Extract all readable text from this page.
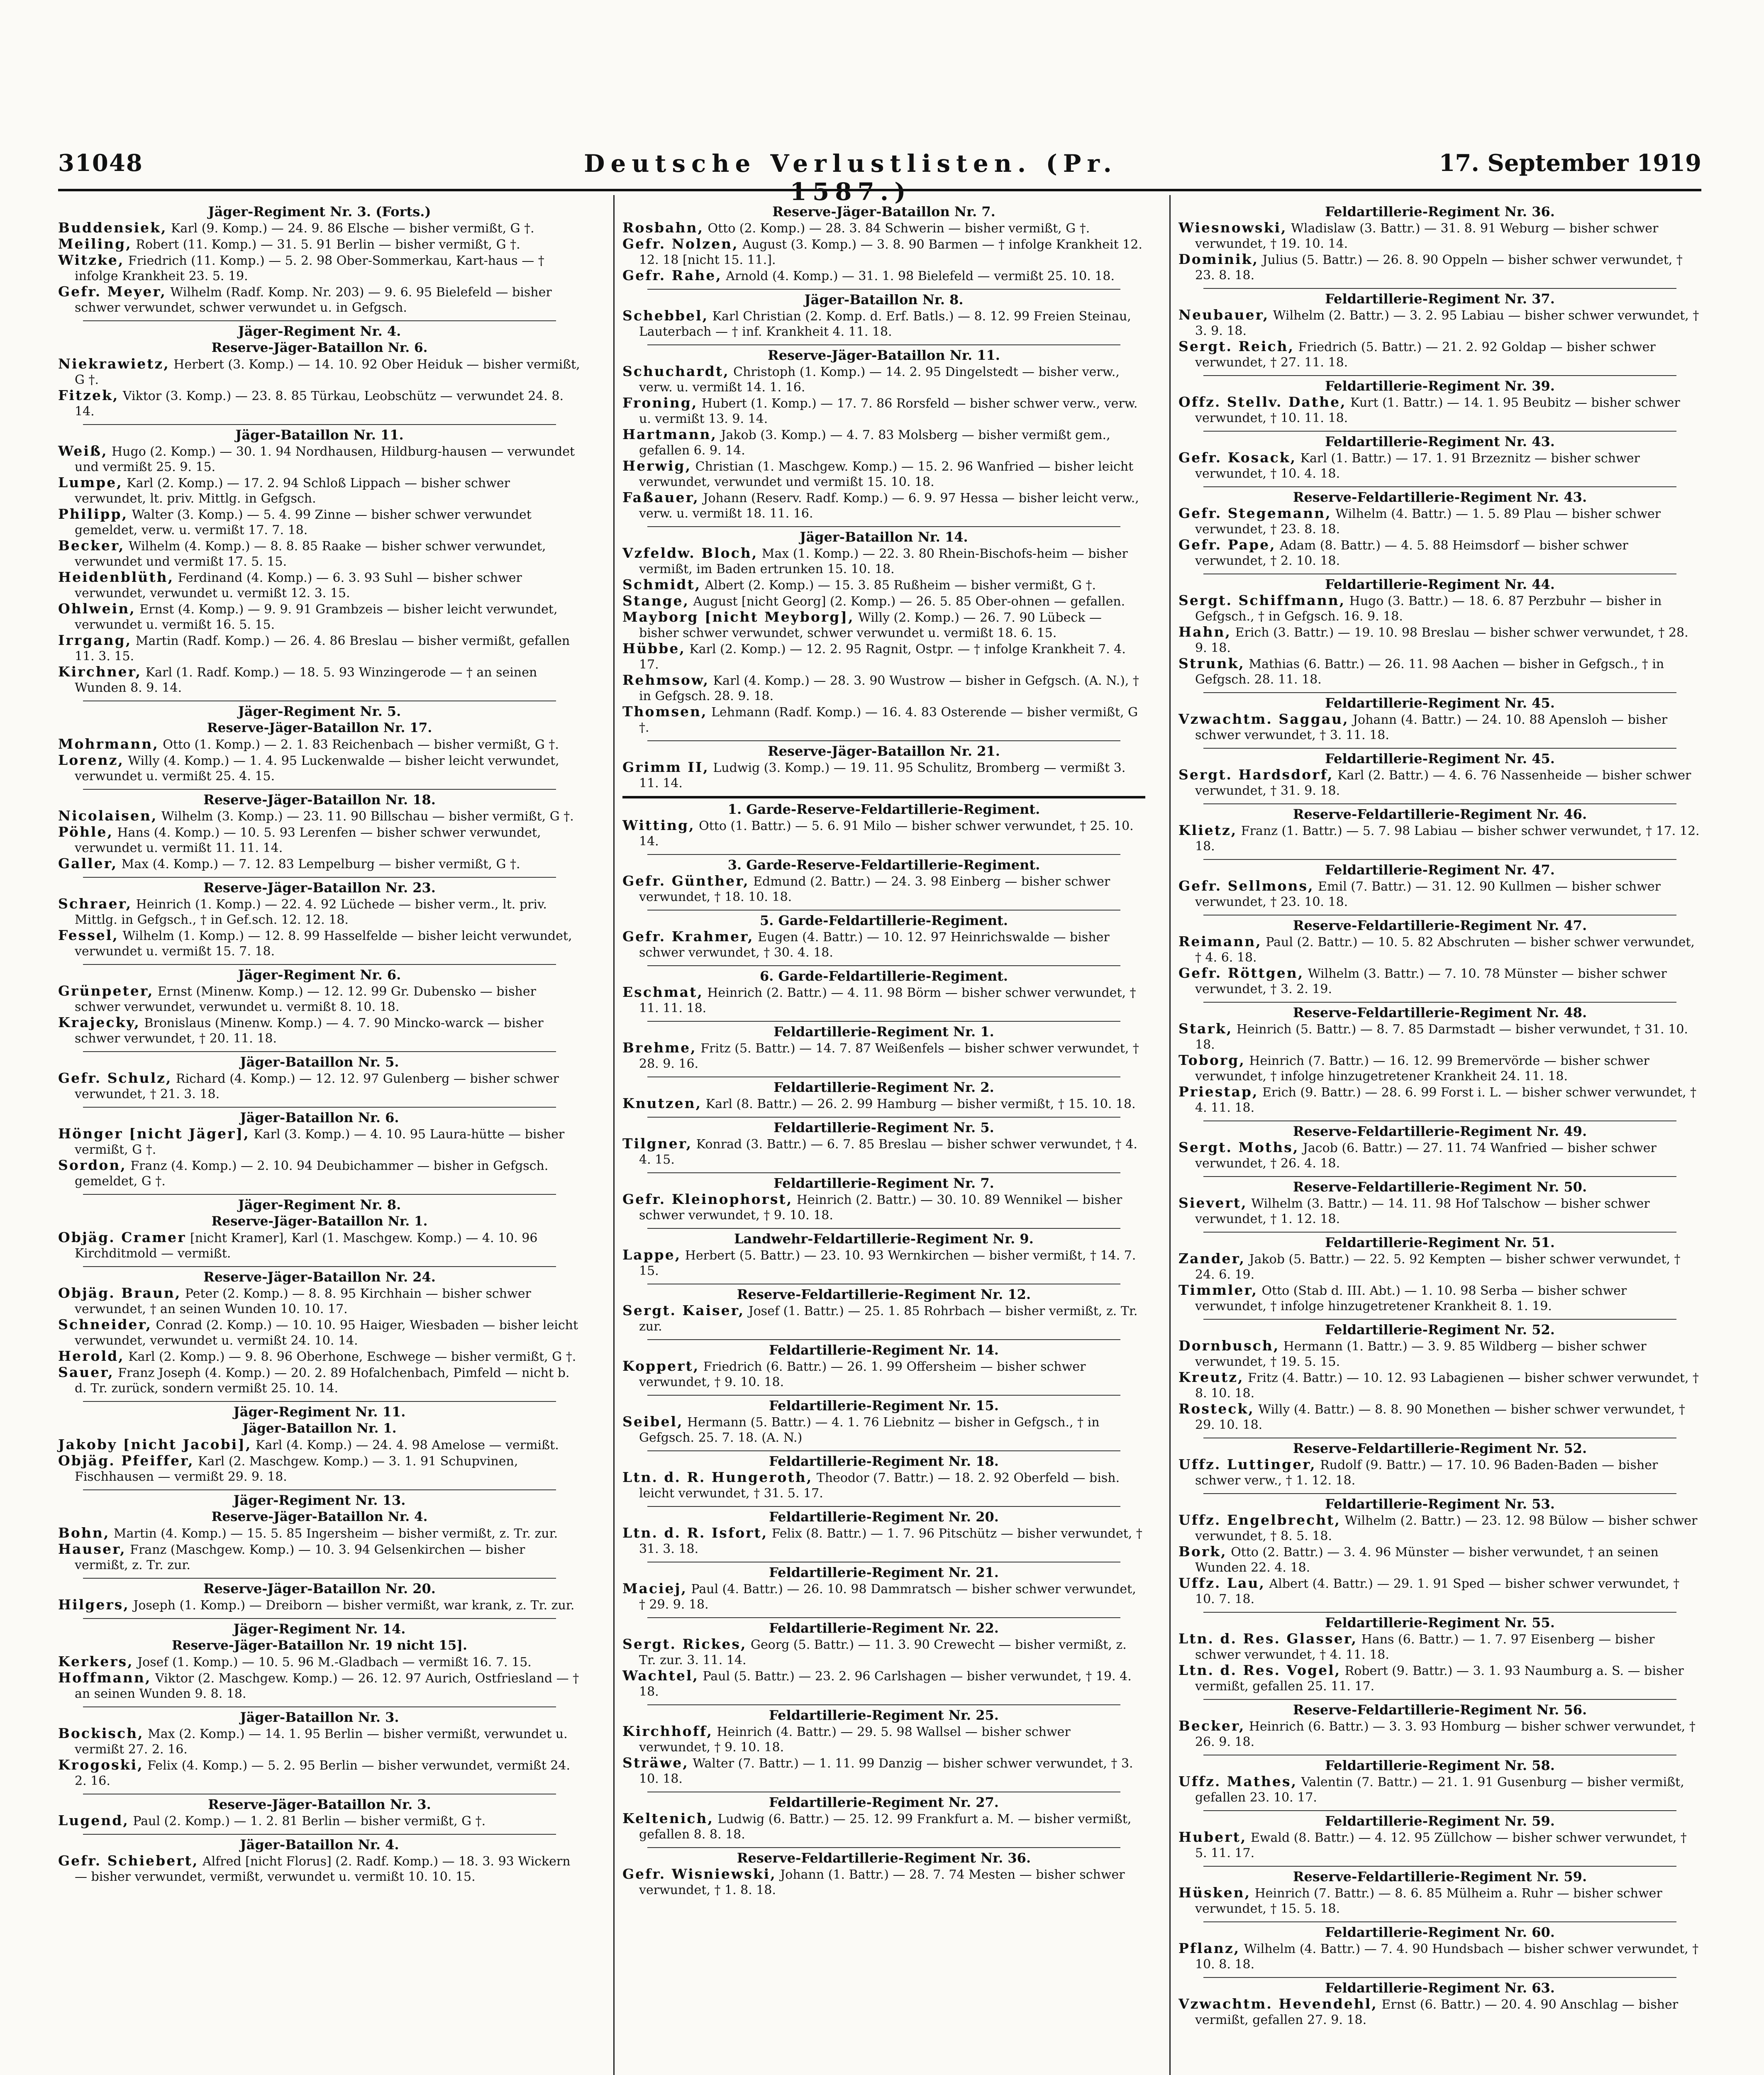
31048	Deutsche Verlustlisten. (Pr. 1587.)
17. September 1919
Jäger-Regiment Nr. 3. (Forts.)
Buddensiek, Karl (9. Komp.) — 24. 9. 86 Elsche — bisher vermißt, G †.
Meiling, Robert (11. Komp.) — 31. 5. 91 Berlin — bisher vermißt, G †.
Witzke, Friedrich (11. Komp.) — 5. 2. 98 Ober-Sommerkau, Kart-haus — † infolge Krankheit 23. 5. 19.
Gefr. Meyer, Wilhelm (Radf. Komp. Nr. 203) — 9. 6. 95 Bielefeld — bisher schwer verwundet, schwer verwundet u. in Gefgsch.
Jäger-Regiment Nr. 4.
Reserve-Jäger-Bataillon Nr. 6.
Niekrawietz, Herbert (3. Komp.) — 14. 10. 92 Ober Heiduk — bisher vermißt, G †.
Fitzek, Viktor (3. Komp.) — 23. 8. 85 Türkau, Leobschütz — verwundet 24. 8. 14.
Jäger-Bataillon Nr. 11.
Weiß, Hugo (2. Komp.) — 30. 1. 94 Nordhausen, Hildburg-hausen — verwundet und vermißt 25. 9. 15.
Lumpe, Karl (2. Komp.) — 17. 2. 94 Schloß Lippach — bisher schwer verwundet, lt. priv. Mittlg. in Gefgsch.
Philipp, Walter (3. Komp.) — 5. 4. 99 Zinne — bisher schwer verwundet gemeldet, verw. u. vermißt 17. 7. 18.
Becker, Wilhelm (4. Komp.) — 8. 8. 85 Raake — bisher schwer verwundet, verwundet und vermißt 17. 5. 15.
Heidenblüth, Ferdinand (4. Komp.) — 6. 3. 93 Suhl — bisher schwer verwundet, verwundet u. vermißt 12. 3. 15.
Ohlwein, Ernst (4. Komp.) — 9. 9. 91 Grambzeis — bisher leicht verwundet, verwundet u. vermißt 16. 5. 15.
Irrgang, Martin (Radf. Komp.) — 26. 4. 86 Breslau — bisher vermißt, gefallen 11. 3. 15.
Kirchner, Karl (1. Radf. Komp.) — 18. 5. 93 Winzingerode — † an seinen Wunden 8. 9. 14.
Jäger-Regiment Nr. 5.
Reserve-Jäger-Bataillon Nr. 17.
Mohrmann, Otto (1. Komp.) — 2. 1. 83 Reichenbach — bisher vermißt, G †.
Lorenz, Willy (4. Komp.) — 1. 4. 95 Luckenwalde — bisher leicht verwundet, verwundet u. vermißt 25. 4. 15.
Reserve-Jäger-Bataillon Nr. 18.
Nicolaisen, Wilhelm (3. Komp.) — 23. 11. 90 Billschau — bisher vermißt, G †.
Pöhle, Hans (4. Komp.) — 10. 5. 93 Lerenfen — bisher schwer verwundet, verwundet u. vermißt 11. 11. 14.
Galler, Max (4. Komp.) — 7. 12. 83 Lempelburg — bisher vermißt, G †.
Reserve-Jäger-Bataillon Nr. 23.
Schraer, Heinrich (1. Komp.) — 22. 4. 92 Lüchede — bisher verm., lt. priv. Mittlg. in Gefgsch., † in Gef.sch. 12. 12. 18.
Fessel, Wilhelm (1. Komp.) — 12. 8. 99 Hasselfelde — bisher leicht verwundet, verwundet u. vermißt 15. 7. 18.
Jäger-Regiment Nr. 6.
Grünpeter, Ernst (Minenw. Komp.) — 12. 12. 99 Gr. Dubensko — bisher schwer verwundet, verwundet u. vermißt 8. 10. 18.
Krajecky, Bronislaus (Minenw. Komp.) — 4. 7. 90 Mincko-warck — bisher schwer verwundet, † 20. 11. 18.
Jäger-Bataillon Nr. 5.
Gefr. Schulz, Richard (4. Komp.) — 12. 12. 97 Gulenberg — bisher schwer verwundet, † 21. 3. 18.
Jäger-Bataillon Nr. 6.
Hönger [nicht Jäger], Karl (3. Komp.) — 4. 10. 95 Laura-hütte — bisher vermißt, G †.
Sordon, Franz (4. Komp.) — 2. 10. 94 Deubichammer — bisher in Gefgsch. gemeldet, G †.
Jäger-Regiment Nr. 8.
Reserve-Jäger-Bataillon Nr. 1.
Objäg. Cramer [nicht Kramer], Karl (1. Maschgew. Komp.) — 4. 10. 96 Kirchditmold — vermißt.
Reserve-Jäger-Bataillon Nr. 24.
Objäg. Braun, Peter (2. Komp.) — 8. 8. 95 Kirchhain — bisher schwer verwundet, † an seinen Wunden 10. 10. 17.
Schneider, Conrad (2. Komp.) — 10. 10. 95 Haiger, Wiesbaden — bisher leicht verwundet, verwundet u. vermißt 24. 10. 14.
Herold, Karl (2. Komp.) — 9. 8. 96 Oberhone, Eschwege — bisher vermißt, G †.
Sauer, Franz Joseph (4. Komp.) — 20. 2. 89 Hofalchenbach, Pimfeld — nicht b. d. Tr. zurück, sondern vermißt 25. 10. 14.
Jäger-Regiment Nr. 11.
Jäger-Bataillon Nr. 1.
Jakoby [nicht Jacobi], Karl (4. Komp.) — 24. 4. 98 Amelose — vermißt.
Objäg. Pfeiffer, Karl (2. Maschgew. Komp.) — 3. 1. 91 Schupvinen, Fischhausen — vermißt 29. 9. 18.
Jäger-Regiment Nr. 13.
Reserve-Jäger-Bataillon Nr. 4.
Bohn, Martin (4. Komp.) — 15. 5. 85 Ingersheim — bisher vermißt, z. Tr. zur.
Hauser, Franz (Maschgew. Komp.) — 10. 3. 94 Gelsenkirchen — bisher vermißt, z. Tr. zur.
Reserve-Jäger-Bataillon Nr. 20.
Hilgers, Joseph (1. Komp.) — Dreiborn — bisher vermißt, war krank, z. Tr. zur.
Jäger-Regiment Nr. 14.
Reserve-Jäger-Bataillon Nr. 19 nicht 15].
Kerkers, Josef (1. Komp.) — 10. 5. 96 M.-Gladbach — vermißt 16. 7. 15.
Hoffmann, Viktor (2. Maschgew. Komp.) — 26. 12. 97 Aurich, Ostfriesland — † an seinen Wunden 9. 8. 18.
Jäger-Bataillon Nr. 3.
Bockisch, Max (2. Komp.) — 14. 1. 95 Berlin — bisher vermißt, verwundet u. vermißt 27. 2. 16.
Krogoski, Felix (4. Komp.) — 5. 2. 95 Berlin — bisher verwundet, vermißt 24. 2. 16.
Reserve-Jäger-Bataillon Nr. 3.
Lugend, Paul (2. Komp.) — 1. 2. 81 Berlin — bisher vermißt, G †.
Jäger-Bataillon Nr. 4.
Gefr. Schiebert, Alfred [nicht Florus] (2. Radf. Komp.) — 18. 3. 93 Wickern — bisher verwundet, vermißt, verwundet u. vermißt 10. 10. 15.
Reserve-Jäger-Bataillon Nr. 7.
Rosbahn, Otto (2. Komp.) — 28. 3. 84 Schwerin — bisher vermißt, G †.
Gefr. Nolzen, August (3. Komp.) — 3. 8. 90 Barmen — † infolge Krankheit 12. 12. 18 [nicht 15. 11.].
Gefr. Rahe, Arnold (4. Komp.) — 31. 1. 98 Bielefeld — vermißt 25. 10. 18.
Jäger-Bataillon Nr. 8.
Schebbel, Karl Christian (2. Komp. d. Erf. Batls.) — 8. 12. 99 Freien Steinau, Lauterbach — † inf. Krankheit 4. 11. 18.
Reserve-Jäger-Bataillon Nr. 11.
Schuchardt, Christoph (1. Komp.) — 14. 2. 95 Dingelstedt — bisher verw., verw. u. vermißt 14. 1. 16.
Froning, Hubert (1. Komp.) — 17. 7. 86 Rorsfeld — bisher schwer verw., verw. u. vermißt 13. 9. 14.
Hartmann, Jakob (3. Komp.) — 4. 7. 83 Molsberg — bisher vermißt gem., gefallen 6. 9. 14.
Herwig, Christian (1. Maschgew. Komp.) — 15. 2. 96 Wanfried — bisher leicht verwundet, verwundet und vermißt 15. 10. 18.
Faßauer, Johann (Reserv. Radf. Komp.) — 6. 9. 97 Hessa — bisher leicht verw., verw. u. vermißt 18. 11. 16.
Jäger-Bataillon Nr. 14.
Vzfeldw. Bloch, Max (1. Komp.) — 22. 3. 80 Rhein-Bischofs-heim — bisher vermißt, im Baden ertrunken 15. 10. 18.
Schmidt, Albert (2. Komp.) — 15. 3. 85 Rußheim — bisher vermißt, G †.
Stange, August [nicht Georg] (2. Komp.) — 26. 5. 85 Ober-ohnen — gefallen.
Mayborg [nicht Meyborg], Willy (2. Komp.) — 26. 7. 90 Lübeck — bisher schwer verwundet, schwer verwundet u. vermißt 18. 6. 15.
Hübbe, Karl (2. Komp.) — 12. 2. 95 Ragnit, Ostpr. — † infolge Krankheit 7. 4. 17.
Rehmsow, Karl (4. Komp.) — 28. 3. 90 Wustrow — bisher in Gefgsch. (A. N.), † in Gefgsch. 28. 9. 18.
Thomsen, Lehmann (Radf. Komp.) — 16. 4. 83 Osterende — bisher vermißt, G †.
Reserve-Jäger-Bataillon Nr. 21.
Grimm II, Ludwig (3. Komp.) — 19. 11. 95 Schulitz, Bromberg — vermißt 3. 11. 14.
1. Garde-Reserve-Feldartillerie-Regiment.
Witting, Otto (1. Battr.) — 5. 6. 91 Milo — bisher schwer verwundet, † 25. 10. 14.
3. Garde-Reserve-Feldartillerie-Regiment.
Gefr. Günther, Edmund (2. Battr.) — 24. 3. 98 Einberg — bisher schwer verwundet, † 18. 10. 18.
5. Garde-Feldartillerie-Regiment.
Gefr. Krahmer, Eugen (4. Battr.) — 10. 12. 97 Heinrichswalde — bisher schwer verwundet, † 30. 4. 18.
6. Garde-Feldartillerie-Regiment.
Eschmat, Heinrich (2. Battr.) — 4. 11. 98 Börm — bisher schwer verwundet, † 11. 11. 18.
Feldartillerie-Regiment Nr. 1.
Brehme, Fritz (5. Battr.) — 14. 7. 87 Weißenfels — bisher schwer verwundet, † 28. 9. 16.
Feldartillerie-Regiment Nr. 2.
Knutzen, Karl (8. Battr.) — 26. 2. 99 Hamburg — bisher vermißt, † 15. 10. 18.
Feldartillerie-Regiment Nr. 5.
Tilgner, Konrad (3. Battr.) — 6. 7. 85 Breslau — bisher schwer verwundet, † 4. 4. 15.
Feldartillerie-Regiment Nr. 7.
Gefr. Kleinophorst, Heinrich (2. Battr.) — 30. 10. 89 Wennikel — bisher schwer verwundet, † 9. 10. 18.
Landwehr-Feldartillerie-Regiment Nr. 9.
Lappe, Herbert (5. Battr.) — 23. 10. 93 Wernkirchen — bisher vermißt, † 14. 7. 15.
Reserve-Feldartillerie-Regiment Nr. 12.
Sergt. Kaiser, Josef (1. Battr.) — 25. 1. 85 Rohrbach — bisher vermißt, z. Tr. zur.
Feldartillerie-Regiment Nr. 14.
Koppert, Friedrich (6. Battr.) — 26. 1. 99 Offersheim — bisher schwer verwundet, † 9. 10. 18.
Feldartillerie-Regiment Nr. 15.
Seibel, Hermann (5. Battr.) — 4. 1. 76 Liebnitz — bisher in Gefgsch., † in Gefgsch. 25. 7. 18. (A. N.)
Feldartillerie-Regiment Nr. 18.
Ltn. d. R. Hungeroth, Theodor (7. Battr.) — 18. 2. 92 Oberfeld — bish. leicht verwundet, † 31. 5. 17.
Feldartillerie-Regiment Nr. 20.
Ltn. d. R. Isfort, Felix (8. Battr.) — 1. 7. 96 Pitschütz — bisher verwundet, † 31. 3. 18.
Feldartillerie-Regiment Nr. 21.
Maciej, Paul (4. Battr.) — 26. 10. 98 Dammratsch — bisher schwer verwundet, † 29. 9. 18.
Feldartillerie-Regiment Nr. 22.
Sergt. Rickes, Georg (5. Battr.) — 11. 3. 90 Crewecht — bisher vermißt, z. Tr. zur. 3. 11. 14.
Wachtel, Paul (5. Battr.) — 23. 2. 96 Carlshagen — bisher verwundet, † 19. 4. 18.
Feldartillerie-Regiment Nr. 25.
Kirchhoff, Heinrich (4. Battr.) — 29. 5. 98 Wallsel — bisher schwer verwundet, † 9. 10. 18.
Sträwe, Walter (7. Battr.) — 1. 11. 99 Danzig — bisher schwer verwundet, † 3. 10. 18.
Feldartillerie-Regiment Nr. 27.
Keltenich, Ludwig (6. Battr.) — 25. 12. 99 Frankfurt a. M. — bisher vermißt, gefallen 8. 8. 18.
Reserve-Feldartillerie-Regiment Nr. 36.
Gefr. Wisniewski, Johann (1. Battr.) — 28. 7. 74 Mesten — bisher schwer verwundet, † 1. 8. 18.
Feldartillerie-Regiment Nr. 36.
Wiesnowski, Wladislaw (3. Battr.) — 31. 8. 91 Weburg — bisher schwer verwundet, † 19. 10. 14.
Dominik, Julius (5. Battr.) — 26. 8. 90 Oppeln — bisher schwer verwundet, † 23. 8. 18.
Feldartillerie-Regiment Nr. 37.
Neubauer, Wilhelm (2. Battr.) — 3. 2. 95 Labiau — bisher schwer verwundet, † 3. 9. 18.
Sergt. Reich, Friedrich (5. Battr.) — 21. 2. 92 Goldap — bisher schwer verwundet, † 27. 11. 18.
Feldartillerie-Regiment Nr. 39.
Offz. Stellv. Dathe, Kurt (1. Battr.) — 14. 1. 95 Beubitz — bisher schwer verwundet, † 10. 11. 18.
Feldartillerie-Regiment Nr. 43.
Gefr. Kosack, Karl (1. Battr.) — 17. 1. 91 Brzeznitz — bisher schwer verwundet, † 10. 4. 18.
Reserve-Feldartillerie-Regiment Nr. 43.
Gefr. Stegemann, Wilhelm (4. Battr.) — 1. 5. 89 Plau — bisher schwer verwundet, † 23. 8. 18.
Gefr. Pape, Adam (8. Battr.) — 4. 5. 88 Heimsdorf — bisher schwer verwundet, † 2. 10. 18.
Feldartillerie-Regiment Nr. 44.
Sergt. Schiffmann, Hugo (3. Battr.) — 18. 6. 87 Perzbuhr — bisher in Gefgsch., † in Gefgsch. 16. 9. 18.
Hahn, Erich (3. Battr.) — 19. 10. 98 Breslau — bisher schwer verwundet, † 28. 9. 18.
Strunk, Mathias (6. Battr.) — 26. 11. 98 Aachen — bisher in Gefgsch., † in Gefgsch. 28. 11. 18.
Feldartillerie-Regiment Nr. 45.
Vzwachtm. Saggau, Johann (4. Battr.) — 24. 10. 88 Apensloh — bisher schwer verwundet, † 3. 11. 18.
Feldartillerie-Regiment Nr. 45.
Sergt. Hardsdorf, Karl (2. Battr.) — 4. 6. 76 Nassenheide — bisher schwer verwundet, † 31. 9. 18.
Reserve-Feldartillerie-Regiment Nr. 46.
Klietz, Franz (1. Battr.) — 5. 7. 98 Labiau — bisher schwer verwundet, † 17. 12. 18.
Feldartillerie-Regiment Nr. 47.
Gefr. Sellmons, Emil (7. Battr.) — 31. 12. 90 Kullmen — bisher schwer verwundet, † 23. 10. 18.
Reserve-Feldartillerie-Regiment Nr. 47.
Reimann, Paul (2. Battr.) — 10. 5. 82 Abschruten — bisher schwer verwundet, † 4. 6. 18.
Gefr. Röttgen, Wilhelm (3. Battr.) — 7. 10. 78 Münster — bisher schwer verwundet, † 3. 2. 19.
Reserve-Feldartillerie-Regiment Nr. 48.
Stark, Heinrich (5. Battr.) — 8. 7. 85 Darmstadt — bisher verwundet, † 31. 10. 18.
Toborg, Heinrich (7. Battr.) — 16. 12. 99 Bremervörde — bisher schwer verwundet, † infolge hinzugetretener Krankheit 24. 11. 18.
Priestap, Erich (9. Battr.) — 28. 6. 99 Forst i. L. — bisher schwer verwundet, † 4. 11. 18.
Reserve-Feldartillerie-Regiment Nr. 49.
Sergt. Moths, Jacob (6. Battr.) — 27. 11. 74 Wanfried — bisher schwer verwundet, † 26. 4. 18.
Reserve-Feldartillerie-Regiment Nr. 50.
Sievert, Wilhelm (3. Battr.) — 14. 11. 98 Hof Talschow — bisher schwer verwundet, † 1. 12. 18.
Feldartillerie-Regiment Nr. 51.
Zander, Jakob (5. Battr.) — 22. 5. 92 Kempten — bisher schwer verwundet, † 24. 6. 19.
Timmler, Otto (Stab d. III. Abt.) — 1. 10. 98 Serba — bisher schwer verwundet, † infolge hinzugetretener Krankheit 8. 1. 19.
Feldartillerie-Regiment Nr. 52.
Dornbusch, Hermann (1. Battr.) — 3. 9. 85 Wildberg — bisher schwer verwundet, † 19. 5. 15.
Kreutz, Fritz (4. Battr.) — 10. 12. 93 Labagienen — bisher schwer verwundet, † 8. 10. 18.
Rosteck, Willy (4. Battr.) — 8. 8. 90 Monethen — bisher schwer verwundet, † 29. 10. 18.
Reserve-Feldartillerie-Regiment Nr. 52.
Uffz. Luttinger, Rudolf (9. Battr.) — 17. 10. 96 Baden-Baden — bisher schwer verw., † 1. 12. 18.
Feldartillerie-Regiment Nr. 53.
Uffz. Engelbrecht, Wilhelm (2. Battr.) — 23. 12. 98 Bülow — bisher schwer verwundet, † 8. 5. 18.
Bork, Otto (2. Battr.) — 3. 4. 96 Münster — bisher verwundet, † an seinen Wunden 22. 4. 18.
Uffz. Lau, Albert (4. Battr.) — 29. 1. 91 Sped — bisher schwer verwundet, † 10. 7. 18.
Feldartillerie-Regiment Nr. 55.
Ltn. d. Res. Glasser, Hans (6. Battr.) — 1. 7. 97 Eisenberg — bisher schwer verwundet, † 4. 11. 18.
Ltn. d. Res. Vogel, Robert (9. Battr.) — 3. 1. 93 Naumburg a. S. — bisher vermißt, gefallen 25. 11. 17.
Reserve-Feldartillerie-Regiment Nr. 56.
Becker, Heinrich (6. Battr.) — 3. 3. 93 Homburg — bisher schwer verwundet, † 26. 9. 18.
Feldartillerie-Regiment Nr. 58.
Uffz. Mathes, Valentin (7. Battr.) — 21. 1. 91 Gusenburg — bisher vermißt, gefallen 23. 10. 17.
Feldartillerie-Regiment Nr. 59.
Hubert, Ewald (8. Battr.) — 4. 12. 95 Züllchow — bisher schwer verwundet, † 5. 11. 17.
Reserve-Feldartillerie-Regiment Nr. 59.
Hüsken, Heinrich (7. Battr.) — 8. 6. 85 Mülheim a. Ruhr — bisher schwer verwundet, † 15. 5. 18.
Feldartillerie-Regiment Nr. 60.
Pflanz, Wilhelm (4. Battr.) — 7. 4. 90 Hundsbach — bisher schwer verwundet, † 10. 8. 18.
Feldartillerie-Regiment Nr. 63.
Vzwachtm. Hevendehl, Ernst (6. Battr.) — 20. 4. 90 Anschlag — bisher vermißt, gefallen 27. 9. 18.
